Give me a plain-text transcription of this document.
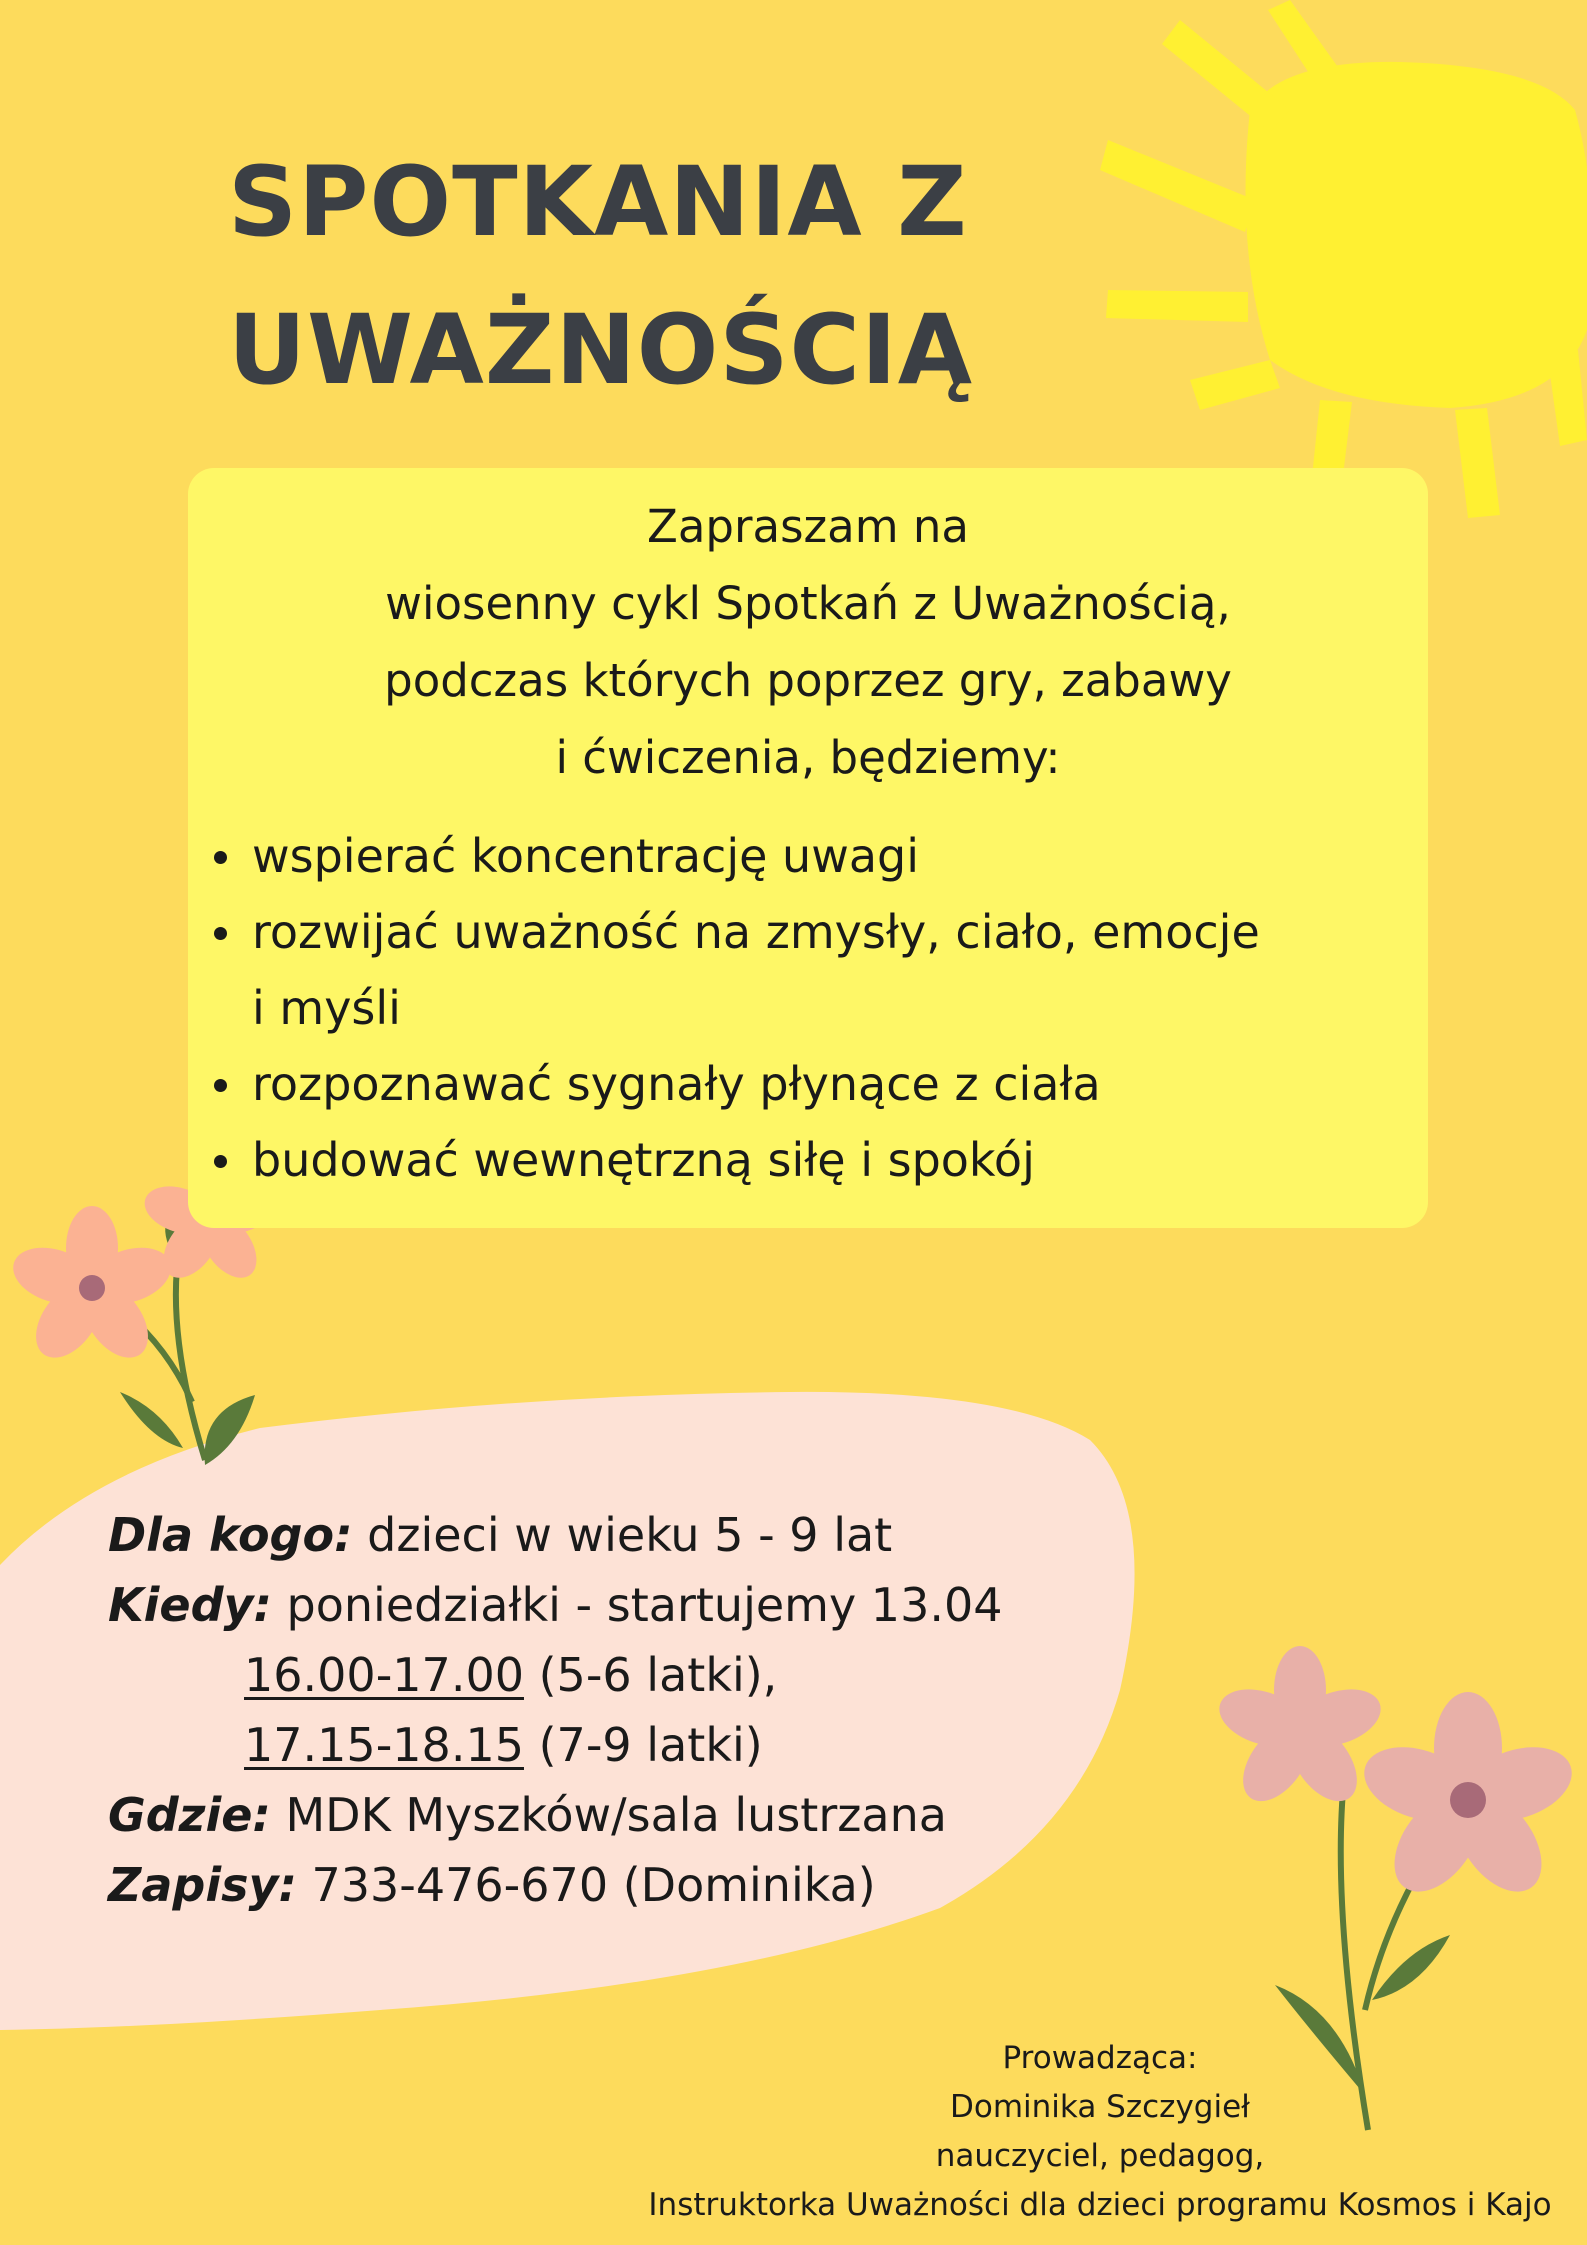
SPOTKANIA Z
UWAŻNOŚCIĄ
Zapraszam na
wiosenny cykl Spotkań z Uważnością,
podczas których poprzez gry, zabawy
i ćwiczenia, będziemy:
wspierać koncentrację uwagi
rozwijać uważność na zmysły, ciało, emocje i myśli
rozpoznawać sygnały płynące z ciała
budować wewnętrzną siłę i spokój
Dla kogo: dzieci w wieku 5 - 9 lat
Kiedy: poniedziałki - startujemy 13.04
16.00-17.00 (5-6 latki),
17.15-18.15 (7-9 latki)
Gdzie: MDK Myszków/sala lustrzana
Zapisy: 733-476-670 (Dominika)
Prowadząca:
Dominika Szczygieł
nauczyciel, pedagog,
Instruktorka Uważności dla dzieci programu Kosmos i Kajo
